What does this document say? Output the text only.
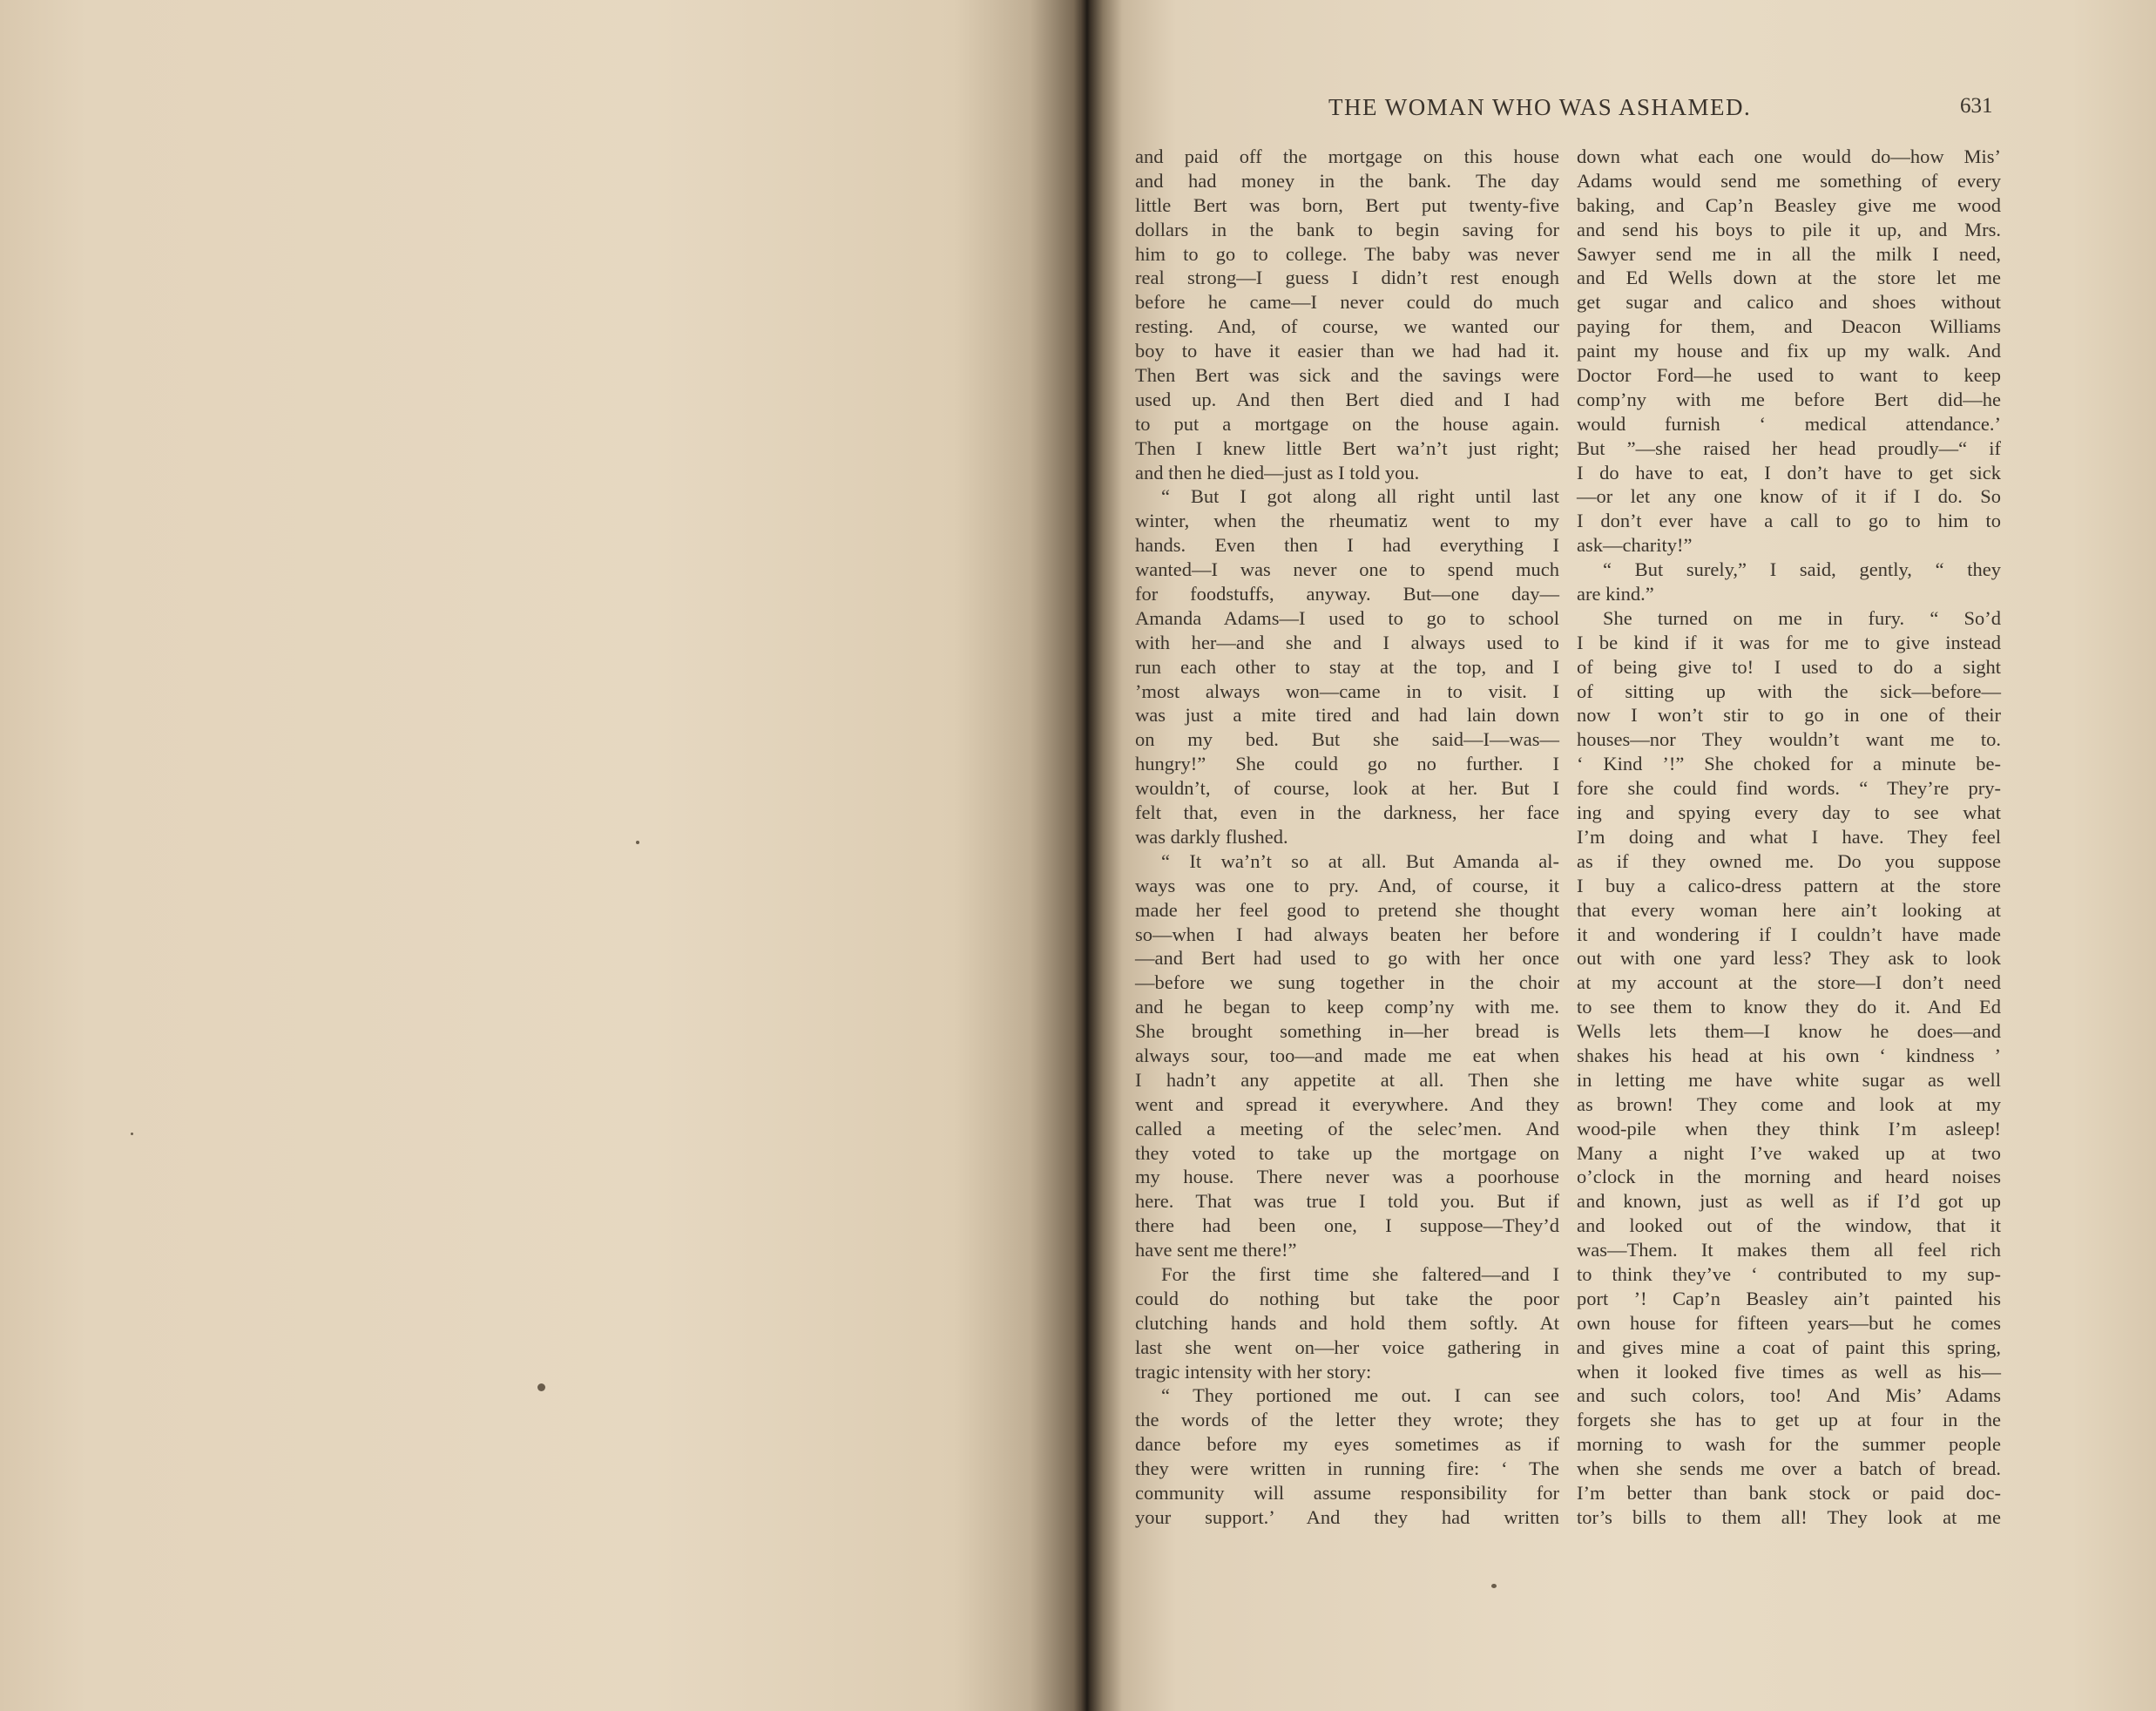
THE WOMAN WHO WAS ASHAMED.	631
and paid off the mortgage on this house
and had money in the bank. The day
little Bert was born, Bert put twenty-five
dollars in the bank to begin saving for
him to go to college. The baby was never
real strong—I guess I didn’t rest enough
before he came—I never could do much
resting. And, of course, we wanted our
boy to have it easier than we had had it.
Then Bert was sick and the savings were
used up. And then Bert died and I had
to put a mortgage on the house again.
Then I knew little Bert wa’n’t just right;
and then he died—just as I told you.
“ But I got along all right until last
winter, when the rheumatiz went to my
hands. Even then I had everything I
wanted—I was never one to spend much
for foodstuffs, anyway. But—one day—
Amanda Adams—I used to go to school
with her—and she and I always used to
run each other to stay at the top, and I
’most always won—came in to visit. I
was just a mite tired and had lain down
on my bed. But she said—I—was—
hungry!” She could go no further. I
wouldn’t, of course, look at her. But I
felt that, even in the darkness, her face
was darkly flushed.
“ It wa’n’t so at all. But Amanda al-
ways was one to pry. And, of course, it
made her feel good to pretend she thought
so—when I had always beaten her before
—and Bert had used to go with her once
—before we sung together in the choir
and he began to keep comp’ny with me.
She brought something in—her bread is
always sour, too—and made me eat when
I hadn’t any appetite at all. Then she
went and spread it everywhere. And they
called a meeting of the selec’men. And
they voted to take up the mortgage on
my house. There never was a poorhouse
here. That was true I told you. But if
there had been one, I suppose—They’d
have sent me there!”
For the first time she faltered—and I
could do nothing but take the poor
clutching hands and hold them softly. At
last she went on—her voice gathering in
tragic intensity with her story:
“ They portioned me out. I can see
the words of the letter they wrote; they
dance before my eyes sometimes as if
they were written in running fire: ‘ The
community will assume responsibility for
your support.’ And they had written
down what each one would do—how Mis’
Adams would send me something of every
baking, and Cap’n Beasley give me wood
and send his boys to pile it up, and Mrs.
Sawyer send me in all the milk I need,
and Ed Wells down at the store let me
get sugar and calico and shoes without
paying for them, and Deacon Williams
paint my house and fix up my walk. And
Doctor Ford—he used to want to keep
comp’ny with me before Bert did—he
would furnish ‘ medical attendance.’
But ”—she raised her head proudly—“ if
I do have to eat, I don’t have to get sick
—or let any one know of it if I do. So
I don’t ever have a call to go to him to
ask—charity!”
“ But surely,” I said, gently, “ they
are kind.”
She turned on me in fury. “ So’d
I be kind if it was for me to give instead
of being give to! I used to do a sight
of sitting up with the sick—before—
now I won’t stir to go in one of their
houses—nor They wouldn’t want me to.
‘ Kind ’!” She choked for a minute be-
fore she could find words. “ They’re pry-
ing and spying every day to see what
I’m doing and what I have. They feel
as if they owned me. Do you suppose
I buy a calico-dress pattern at the store
that every woman here ain’t looking at
it and wondering if I couldn’t have made
out with one yard less? They ask to look
at my account at the store—I don’t need
to see them to know they do it. And Ed
Wells lets them—I know he does—and
shakes his head at his own ‘ kindness ’
in letting me have white sugar as well
as brown! They come and look at my
wood-pile when they think I’m asleep!
Many a night I’ve waked up at two
o’clock in the morning and heard noises
and known, just as well as if I’d got up
and looked out of the window, that it
was—Them. It makes them all feel rich
to think they’ve ‘ contributed to my sup-
port ’! Cap’n Beasley ain’t painted his
own house for fifteen years—but he comes
and gives mine a coat of paint this spring,
when it looked five times as well as his—
and such colors, too! And Mis’ Adams
forgets she has to get up at four in the
morning to wash for the summer people
when she sends me over a batch of bread.
I’m better than bank stock or paid doc-
tor’s bills to them all! They look at me
